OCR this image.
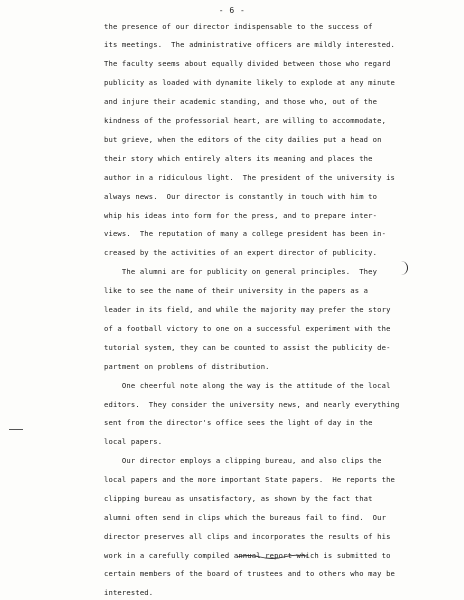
- 6 -
the presence of our director indispensable to the success of
its meetings.  The administrative officers are mildly interested.
The faculty seems about equally divided between those who regard
publicity as loaded with dynamite likely to explode at any minute
and injure their academic standing, and those who, out of the
kindness of the professorial heart, are willing to accommodate,
but grieve, when the editors of the city dailies put a head on
their story which entirely alters its meaning and places the
author in a ridiculous light.  The president of the university is
always news.  Our director is constantly in touch with him to
whip his ideas into form for the press, and to prepare inter-
views.  The reputation of many a college president has been in-
creased by the activities of an expert director of publicity.
The alumni are for publicity on general principles.  They
like to see the name of their university in the papers as a
leader in its field, and while the majority may prefer the story
of a football victory to one on a successful experiment with the
tutorial system, they can be counted to assist the publicity de-
partment on problems of distribution.
One cheerful note along the way is the attitude of the local
editors.  They consider the university news, and nearly everything
sent from the director's office sees the light of day in the
local papers.
Our director employs a clipping bureau, and also clips the
local papers and the more important State papers.  He reports the
clipping bureau as unsatisfactory, as shown by the fact that
alumni often send in clips which the bureaus fail to find.  Our
director preserves all clips and incorporates the results of his
work in a carefully compiled annual report which is submitted to
certain members of the board of trustees and to others who may be
interested.
